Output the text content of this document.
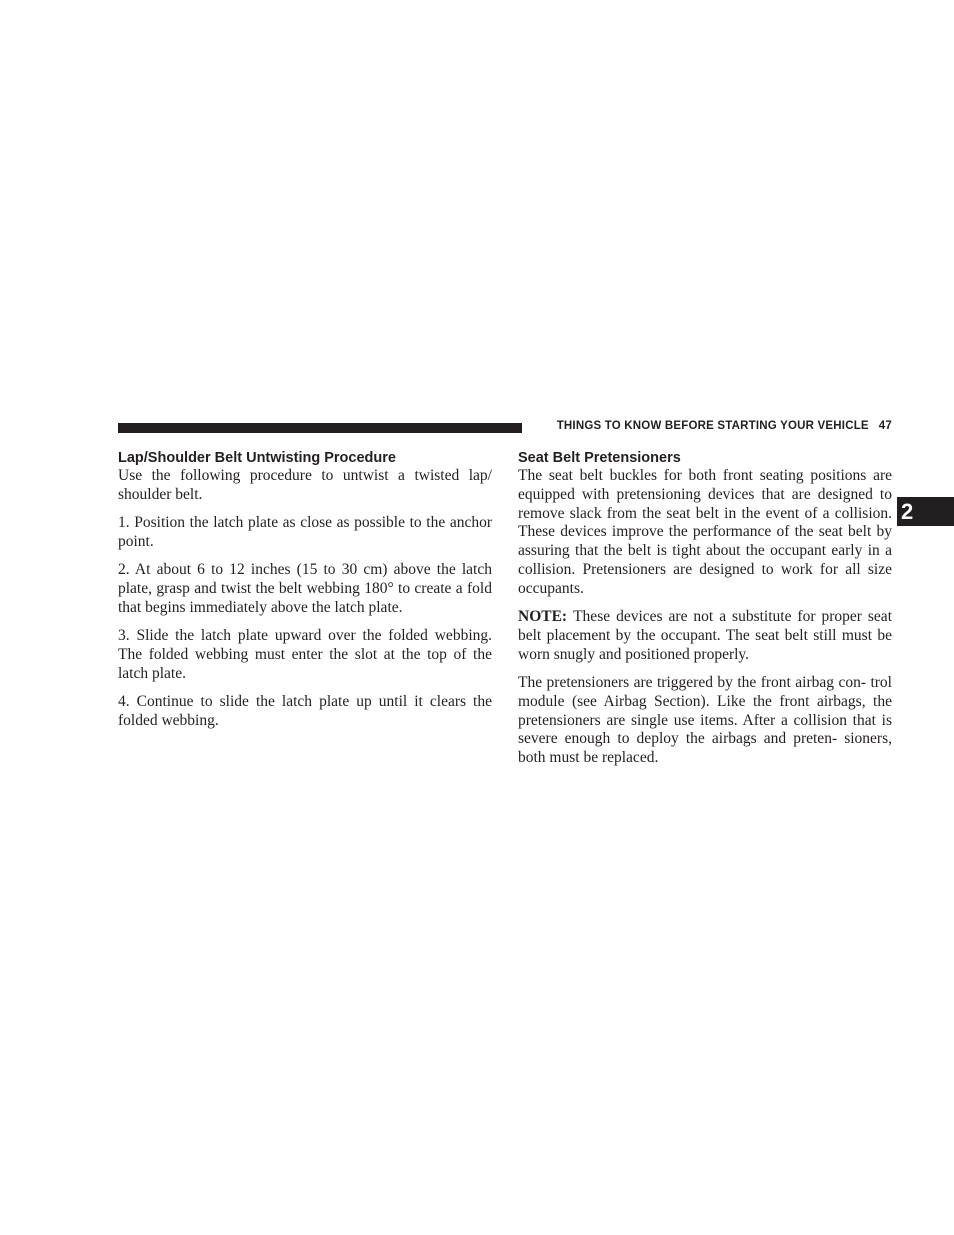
THINGS TO KNOW BEFORE STARTING YOUR VEHICLE 47
2
Lap/Shoulder Belt Untwisting Procedure

Use the following procedure to untwist a twisted lap/ shoulder belt.

1. Position the latch plate as close as possible to the anchor point.

2. At about 6 to 12 inches (15 to 30 cm) above the latch plate, grasp and twist the belt webbing 180° to create a fold that begins immediately above the latch plate.

3. Slide the latch plate upward over the folded webbing. The folded webbing must enter the slot at the top of the latch plate.

4. Continue to slide the latch plate up until it clears the folded webbing.

Seat Belt Pretensioners

The seat belt buckles for both front seating positions are equipped with pretensioning devices that are designed to remove slack from the seat belt in the event of a collision. These devices improve the performance of the seat belt by assuring that the belt is tight about the occupant early in a collision. Pretensioners are designed to work for all size occupants.

NOTE: These devices are not a substitute for proper seat belt placement by the occupant. The seat belt still must be worn snugly and positioned properly.

The pretensioners are triggered by the front airbag con- trol module (see Airbag Section). Like the front airbags, the pretensioners are single use items. After a collision that is severe enough to deploy the airbags and preten- sioners, both must be replaced.
